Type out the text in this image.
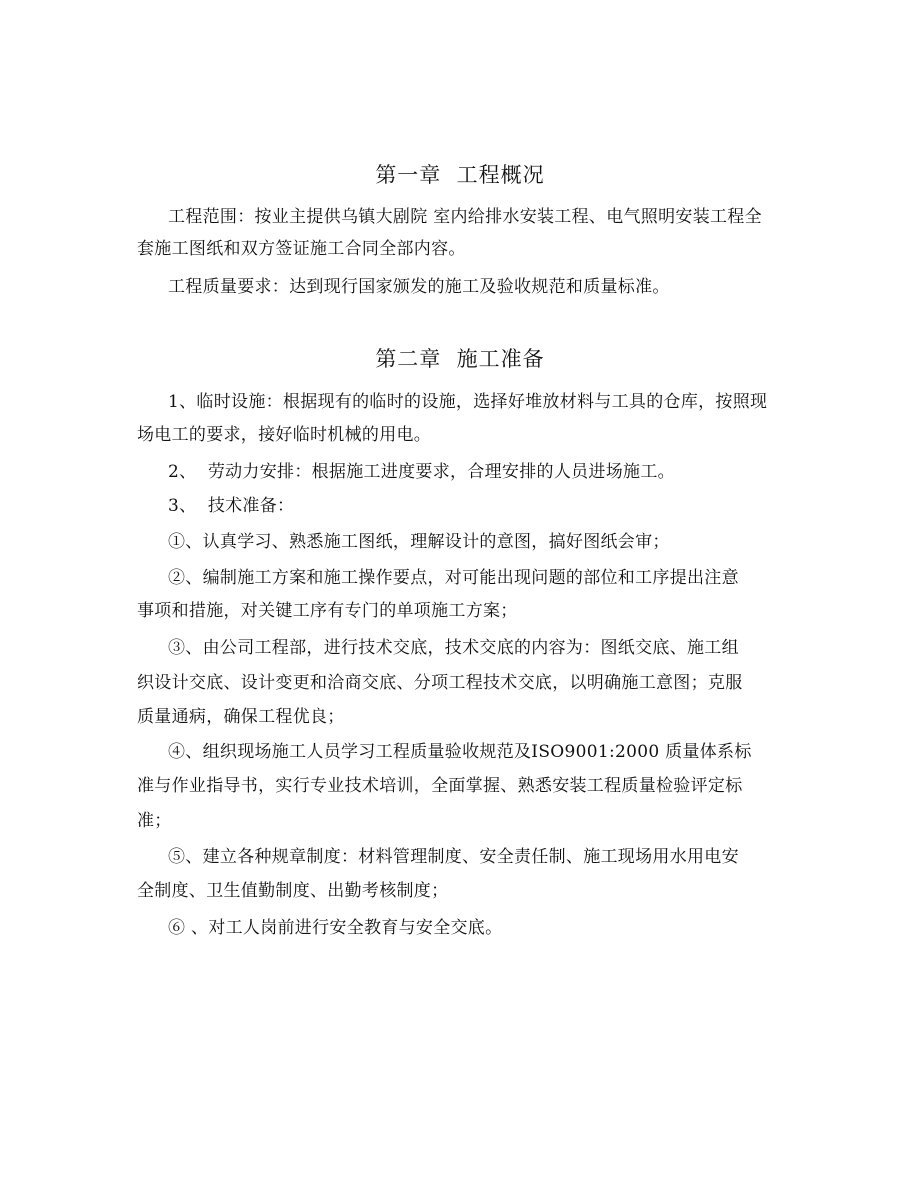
第一章  工程概况
工程范围：按业主提供乌镇大剧院 室内给排水安装工程、电气照明安装工程全
套施工图纸和双方签证施工合同全部内容。
工程质量要求：达到现行国家颁发的施工及验收规范和质量标准。
第二章  施工准备
1、临时设施：根据现有的临时的设施，选择好堆放材料与工具的仓库，按照现
场电工的要求，接好临时机械的用电。
2、  劳动力安排：根据施工进度要求，合理安排的人员进场施工。
3、  技术准备：
①、认真学习、熟悉施工图纸，理解设计的意图，搞好图纸会审；
②、编制施工方案和施工操作要点，对可能出现问题的部位和工序提出注意
事项和措施，对关键工序有专门的单项施工方案；
③、由公司工程部，进行技术交底，技术交底的内容为：图纸交底、施工组
织设计交底、设计变更和洽商交底、分项工程技术交底，以明确施工意图；克服
质量通病，确保工程优良；
④、组织现场施工人员学习工程质量验收规范及ISO9001:2000 质量体系标
准与作业指导书，实行专业技术培训，全面掌握、熟悉安装工程质量检验评定标
准；
⑤、建立各种规章制度：材料管理制度、安全责任制、施工现场用水用电安
全制度、卫生值勤制度、出勤考核制度；
⑥ 、对工人岗前进行安全教育与安全交底。
